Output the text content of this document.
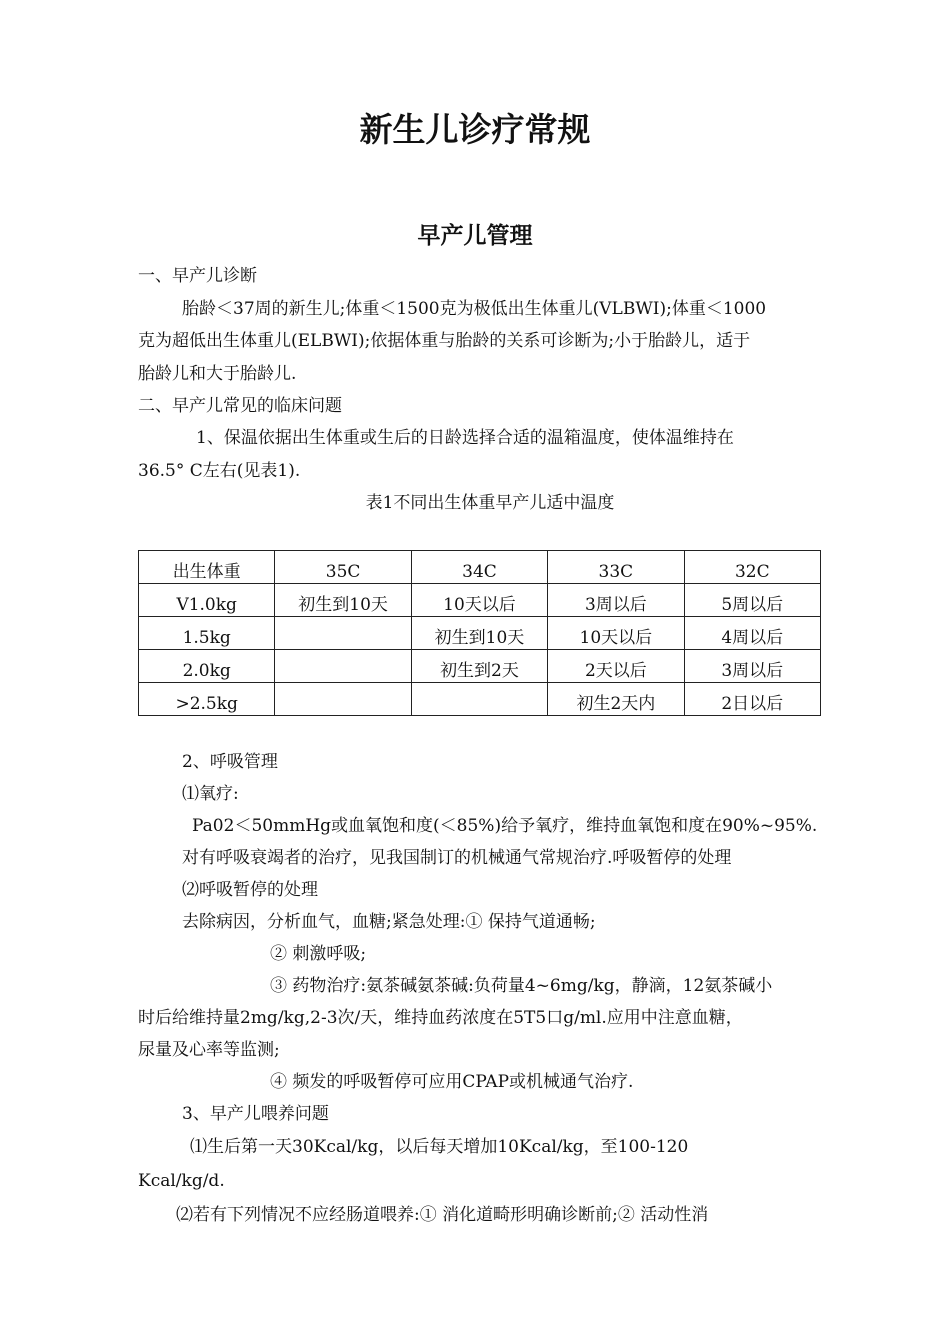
新生儿诊疗常规
早产儿管理
一、早产儿诊断
胎龄＜37周的新生儿;体重＜1500克为极低出生体重儿(VLBWI);体重＜1000
克为超低出生体重儿(ELBWI);依据体重与胎龄的关系可诊断为;小于胎龄儿，适于
胎龄儿和大于胎龄儿.
二、早产儿常见的临床问题
1、保温依据出生体重或生后的日龄选择合适的温箱温度，使体温维持在
36.5° C左右(见表1).
表1不同出生体重早产儿适中温度
出生体重	35C	34C	33C	32C
V1.0kg	初生到10天	10天以后	3周以后	5周以后
1.5kg		初生到10天	10天以后	4周以后
2.0kg		初生到2天	2天以后	3周以后
>2.5kg			初生2天内	2日以后
2、呼吸管理
⑴氧疗:
Pa02＜50mmHg或血氧饱和度(＜85%)给予氧疗，维持血氧饱和度在90%~95%.
对有呼吸衰竭者的治疗，见我国制订的机械通气常规治疗.呼吸暂停的处理
⑵呼吸暂停的处理
去除病因，分析血气，血糖;紧急处理:① 保持气道通畅;
② 刺激呼吸;
③ 药物治疗:氨茶碱氨茶碱:负荷量4~6mg/kg，静滴，12氨茶碱小
时后给维持量2mg/kg,2-3次/天，维持血药浓度在5T5口g/ml.应用中注意血糖，
尿量及心率等监测;
④ 频发的呼吸暂停可应用CPAP或机械通气治疗.
3、早产儿喂养问题
⑴生后第一天30Kcal/kg，以后每天增加10Kcal/kg，至100-120
Kcal/kg/d.
⑵若有下列情况不应经肠道喂养:① 消化道畸形明确诊断前;② 活动性消
